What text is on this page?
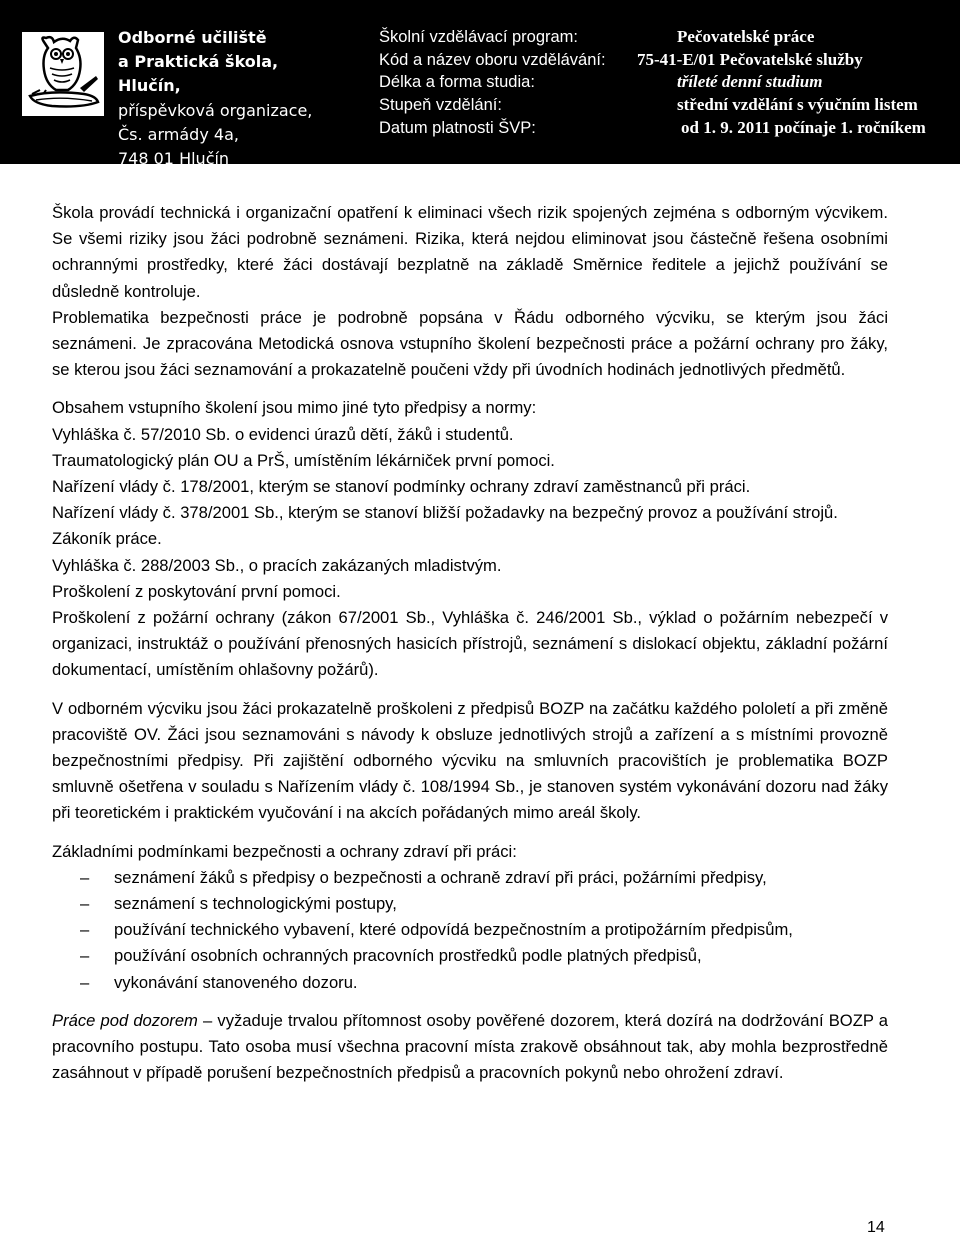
Odborné učiliště
a Praktická škola, Hlučín,
příspěvková organizace,
Čs. armády 4a,
748 01 Hlučín
Školní vzdělávací program:	Pečovatelské práce
Kód a název oboru vzdělávání: 75-41-E/01 Pečovatelské služby
Délka a forma studia:	tříleté denní studium
Stupeň vzdělání:	střední vzdělání s výučním listem
Datum platnosti ŠVP:	od 1. 9. 2011 počínaje 1. ročníkem

Škola provádí technická i organizační opatření k eliminaci všech rizik spojených zejména s odborným výcvikem. Se všemi riziky jsou žáci podrobně seznámeni. Rizika, která nejdou eliminovat jsou částečně řešena osobními ochrannými prostředky, které žáci dostávají bezplatně na základě Směrnice ředitele a jejichž používání se důsledně kontroluje.

Problematika bezpečnosti práce je podrobně popsána v Řádu odborného výcviku, se kterým jsou žáci seznámeni. Je zpracována Metodická osnova vstupního školení bezpečnosti práce a požární ochrany pro žáky, se kterou jsou žáci seznamování a prokazatelně poučeni vždy při úvodních hodinách jednotlivých předmětů.

Obsahem vstupního školení jsou mimo jiné tyto předpisy a normy:

Vyhláška č. 57/2010 Sb. o evidenci úrazů dětí, žáků i studentů.

Traumatologický plán OU a PrŠ, umístěním lékárniček první pomoci.

Nařízení vlády č. 178/2001, kterým se stanoví podmínky ochrany zdraví zaměstnanců při práci.

Nařízení vlády č. 378/2001 Sb., kterým se stanoví bližší požadavky na bezpečný provoz a používání strojů.

Zákoník práce.

Vyhláška č. 288/2003 Sb., o pracích zakázaných mladistvým.

Proškolení z poskytování první pomoci.

Proškolení z požární ochrany (zákon 67/2001 Sb., Vyhláška č. 246/2001 Sb., výklad o požárním nebezpečí v organizaci, instruktáž o používání přenosných hasicích přístrojů, seznámení s dislokací objektu, základní požární dokumentací, umístěním ohlašovny požárů).

V odborném výcviku jsou žáci prokazatelně proškoleni z předpisů BOZP na začátku každého pololetí a při změně pracoviště OV. Žáci jsou seznamováni s návody k obsluze jednotlivých strojů a zařízení a s místními provozně bezpečnostními předpisy. Při zajištění odborného výcviku na smluvních pracovištích je problematika BOZP smluvně ošetřena v souladu s Nařízením vlády č. 108/1994 Sb., je stanoven systém vykonávání dozoru nad žáky při teoretickém i praktickém vyučování i na akcích pořádaných mimo areál školy.

Základními podmínkami bezpečnosti a ochrany zdraví při práci:

– seznámení žáků s předpisy o bezpečnosti a ochraně zdraví při práci, požárními předpisy,
– seznámení s technologickými postupy,
– používání technického vybavení, které odpovídá bezpečnostním a protipožárním předpisům,
– používání osobních ochranných pracovních prostředků podle platných předpisů,
– vykonávání stanoveného dozoru.

Práce pod dozorem – vyžaduje trvalou přítomnost osoby pověřené dozorem, která dozírá na dodržování BOZP a pracovního postupu. Tato osoba musí všechna pracovní místa zrakově obsáhnout tak, aby mohla bezprostředně zasáhnout v případě porušení bezpečnostních předpisů a pracovních pokynů nebo ohrožení zdraví.

14
